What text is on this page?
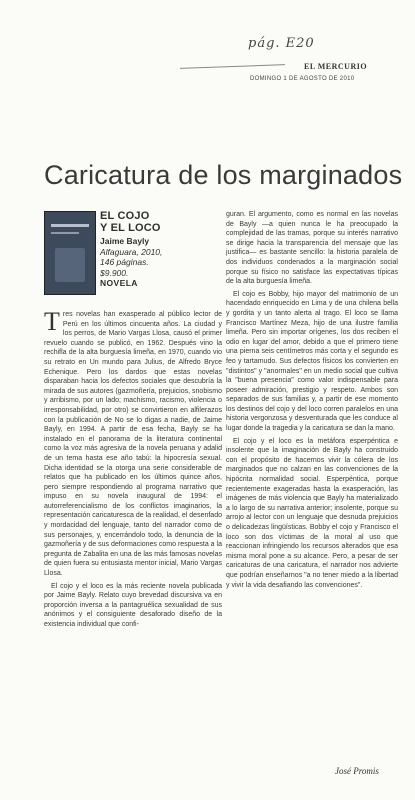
pág. E20
EL MERCURIO
DOMINGO 1 DE AGOSTO DE 2010
Caricatura de los marginados
EL COJO
Y EL LOCO
Jaime Bayly
Alfaguara, 2010,
146 páginas.
$9.900.
NOVELA

Tres novelas han exasperado al público lector de Perú en los últimos cincuenta años. La ciudad y los perros, de Mario Vargas Llosa, causó el primer revuelo cuando se publicó, en 1962. Después vino la rechifla de la alta burguesía limeña, en 1970, cuando vio su retrato en Un mundo para Julius, de Alfredo Bryce Echenique. Pero los dardos que estas novelas disparaban hacia los defectos sociales que descubría la mirada de sus autores (gazmoñería, prejuicios, snobismo y arribismo, por un lado; machismo, racismo, violencia o irresponsabilidad, por otro) se convirtieron en alfilerazos con la publicación de No se lo digas a nadie, de Jaime Bayly, en 1994. A partir de esa fecha, Bayly se ha instalado en el panorama de la literatura continental como la voz más agresiva de la novela peruana y adalid de un tema hasta ese año tabú: la hipocresía sexual. Dicha identidad se la otorga una serie considerable de relatos que ha publicado en los últimos quince años, pero siempre respondiendo al programa narrativo que impuso en su novela inaugural de 1994: el autorreferencialismo de los conflictos imaginarios, la representación caricaturesca de la realidad, el desenfado y mordacidad del lenguaje, tanto del narrador como de sus personajes, y, encerrándolo todo, la denuncia de la gazmoñería y de sus deformaciones como respuesta a la pregunta de Zabalita en una de las más famosas novelas de quien fuera su entusiasta mentor inicial, Mario Vargas Llosa.

El cojo y el loco es la más reciente novela publicada por Jaime Bayly. Relato cuyo brevedad discursiva va en proporción inversa a la pantagruélica sexualidad de sus anónimos y el consiguiente desaforado diseño de la existencia individual que confi-

guran. El argumento, como es normal en las novelas de Bayly —a quien nunca le ha preocupado la complejidad de las tramas, porque su interés narrativo se dirige hacia la transparencia del mensaje que las justifica— es bastante sencillo: la historia paralela de dos individuos condenados a la marginación social porque su físico no satisface las expectativas típicas de la alta burguesía limeña.

El cojo es Bobby, hijo mayor del matrimonio de un hacendado enriquecido en Lima y de una chilena bella y gordita y un tanto alerta al trago. El loco se llama Francisco Martínez Meza, hijo de una ilustre familia limeña. Pero sin importar orígenes, los dos reciben el odio en lugar del amor, debido a que el primero tiene una pierna seis centímetros más corta y el segundo es feo y tartamudo. Sus defectos físicos los convierten en "distintos" y "anormales" en un medio social que cultiva la "buena presencia" como valor indispensable para poseer admiración, prestigio y respeto. Ambos son separados de sus familias y, a partir de ese momento los destinos del cojo y del loco corren paralelos en una historia vergonzosa y desventurada que les conduce al lugar donde la tragedia y la caricatura se dan la mano.

El cojo y el loco es la metáfora esperpéntica e insolente que la imaginación de Bayly ha construido con el propósito de hacernos vivir la cólera de los marginados que no calzan en las convenciones de la hipócrita normalidad social. Esperpéntica, porque recientemente exageradas hasta la exasperación, las imágenes de más violencia que Bayly ha materializado a lo largo de su narrativa anterior; insolente, porque su arrojo al lector con un lenguaje que desnuda prejuicios o delicadezas lingüísticas. Bobby el cojo y Francisco el loco son dos víctimas de la moral al uso que reaccionan infringiendo los recursos alterados que esa misma moral pone a su alcance. Pero, a pesar de ser caricaturas de una caricatura, el narrador nos advierte que podrían enseñarnos "a no tener miedo a la libertad y vivir la vida desafiando las convenciones".

José Promis
